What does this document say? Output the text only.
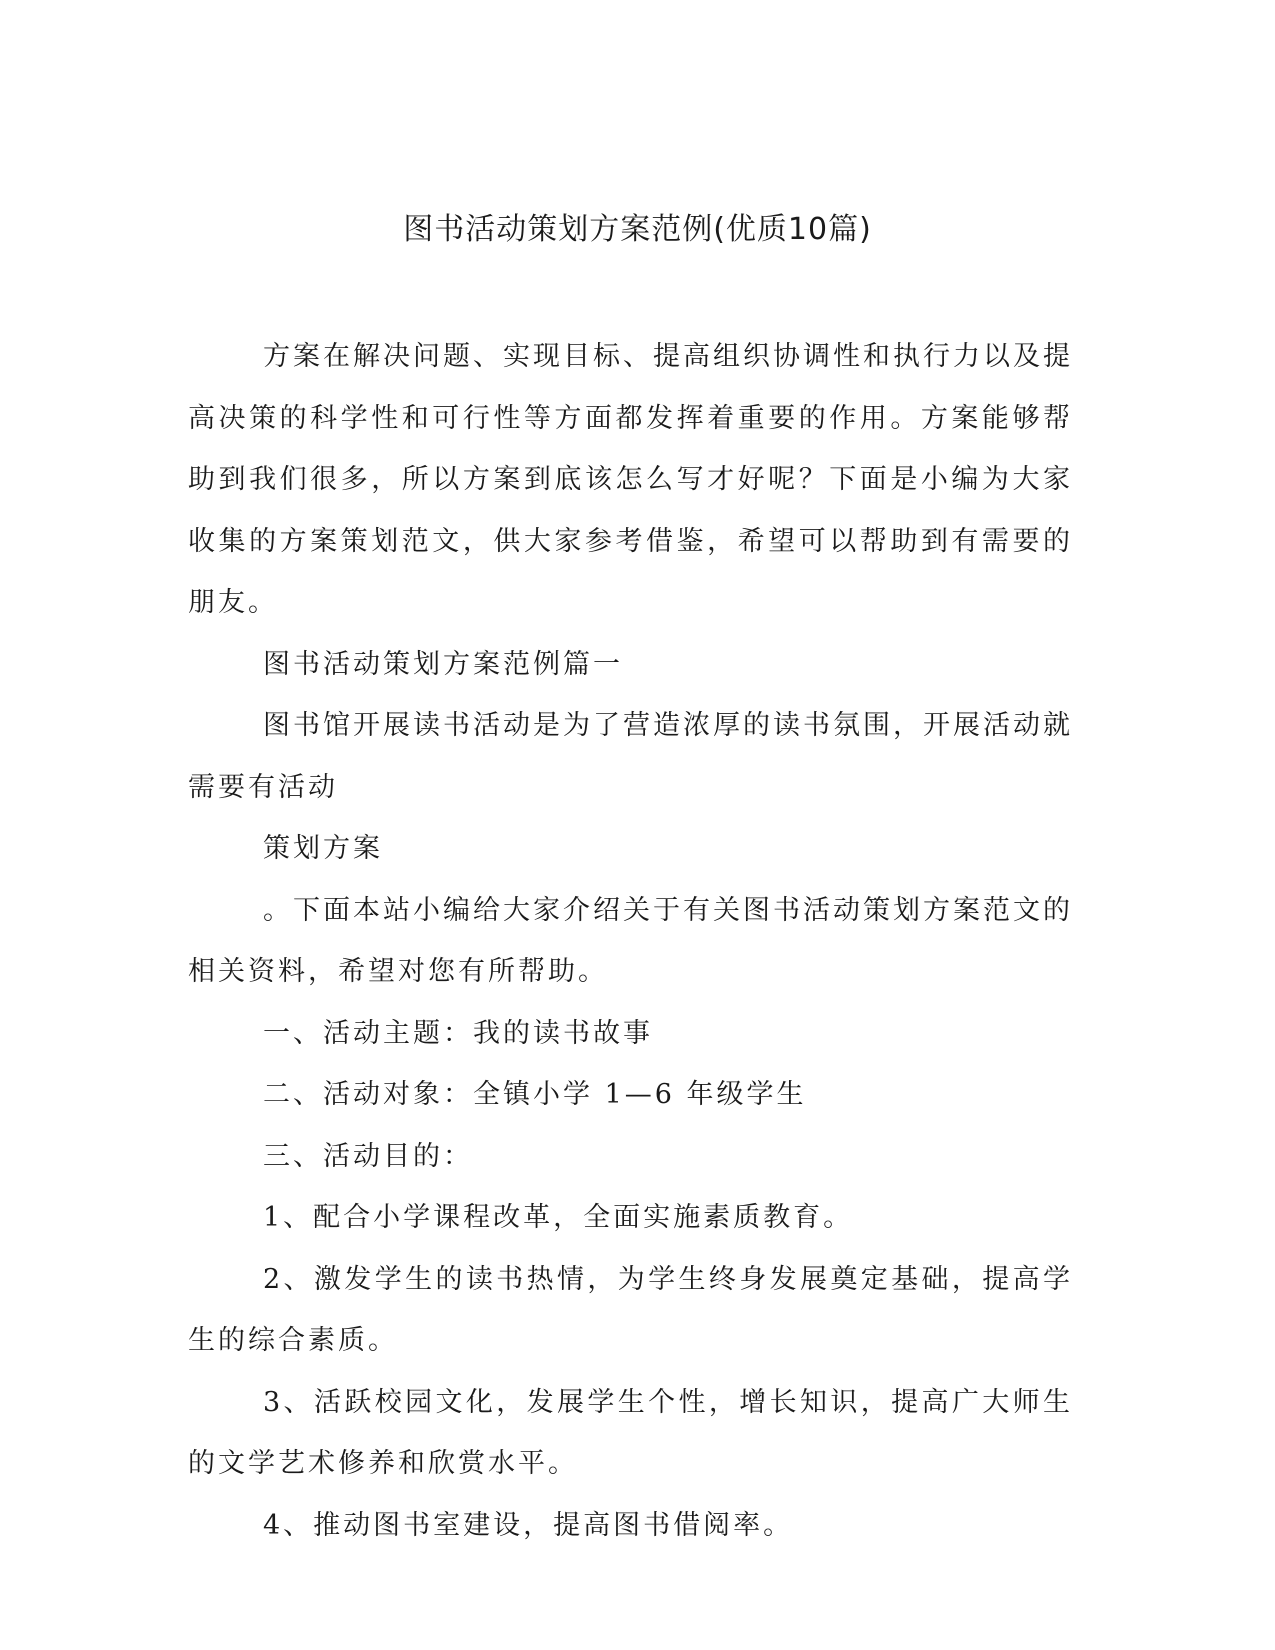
图书活动策划方案范例(优质10篇)

方案在解决问题、实现目标、提高组织协调性和执行力以及提高决策的科学性和可行性等方面都发挥着重要的作用。方案能够帮助到我们很多，所以方案到底该怎么写才好呢？下面是小编为大家收集的方案策划范文，供大家参考借鉴，希望可以帮助到有需要的朋友。

图书活动策划方案范例篇一

图书馆开展读书活动是为了营造浓厚的读书氛围，开展活动就需要有活动

策划方案

。下面本站小编给大家介绍关于有关图书活动策划方案范文的相关资料，希望对您有所帮助。

一、活动主题：我的读书故事

二、活动对象：全镇小学 1—6 年级学生

三、活动目的：

1、配合小学课程改革，全面实施素质教育。

2、激发学生的读书热情，为学生终身发展奠定基础，提高学生的综合素质。

3、活跃校园文化，发展学生个性，增长知识，提高广大师生的文学艺术修养和欣赏水平。

4、推动图书室建设，提高图书借阅率。
